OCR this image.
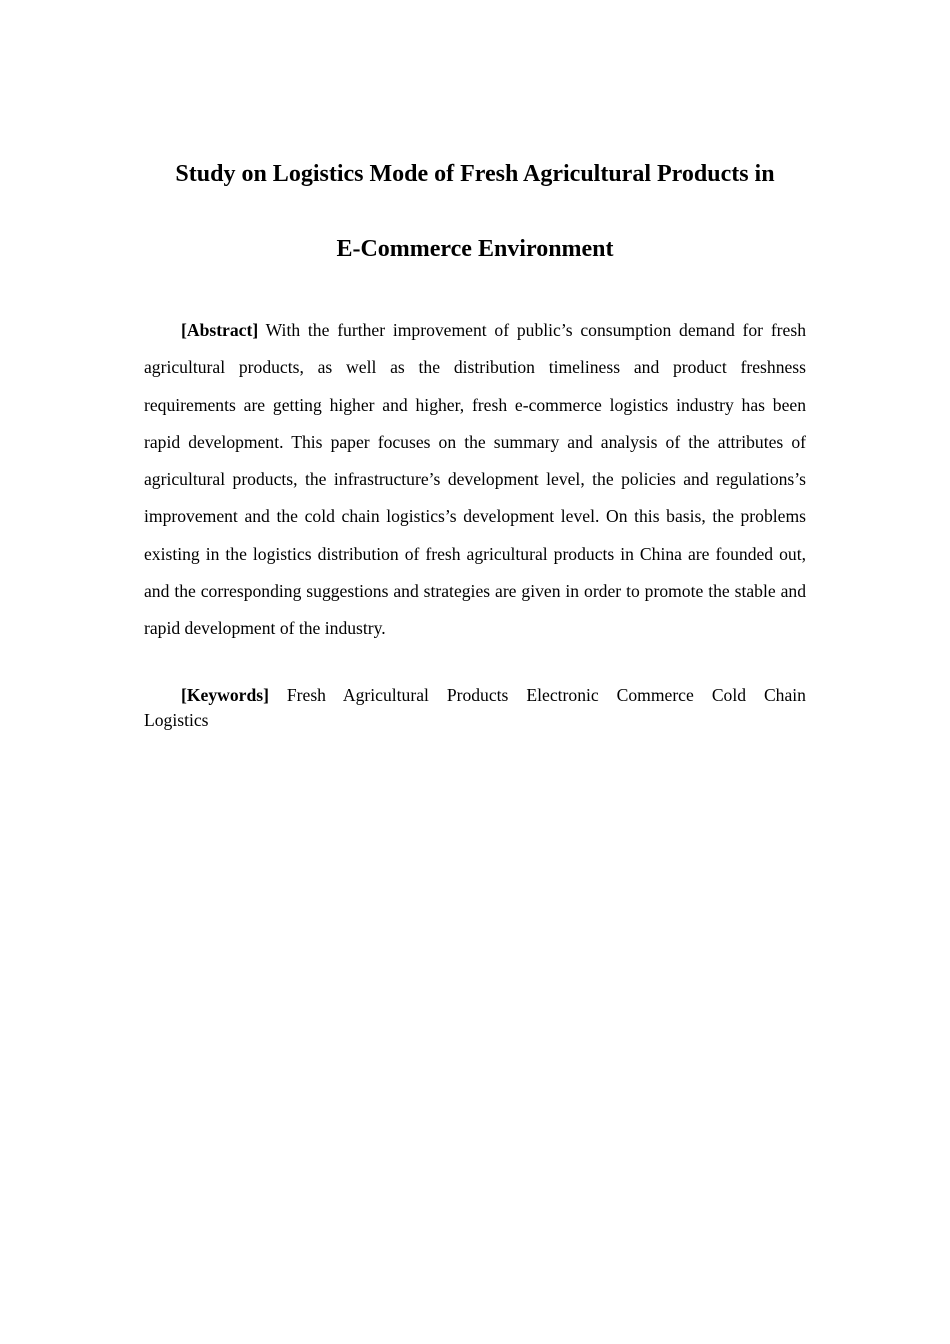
Study on Logistics Mode of Fresh Agricultural Products in
E-Commerce Environment

[Abstract] With the further improvement of public’s consumption demand for fresh agricultural products, as well as the distribution timeliness and product freshness requirements are getting higher and higher, fresh e-commerce logistics industry has been rapid development. This paper focuses on the summary and analysis of the attributes of agricultural products, the infrastructure’s development level, the policies and regulations’s improvement and the cold chain logistics’s development level. On this basis, the problems existing in the logistics distribution of fresh agricultural products in China are founded out, and the corresponding suggestions and strategies are given in order to promote the stable and rapid development of the industry.

[Keywords] Fresh Agricultural Products Electronic Commerce Cold Chain Logistics
